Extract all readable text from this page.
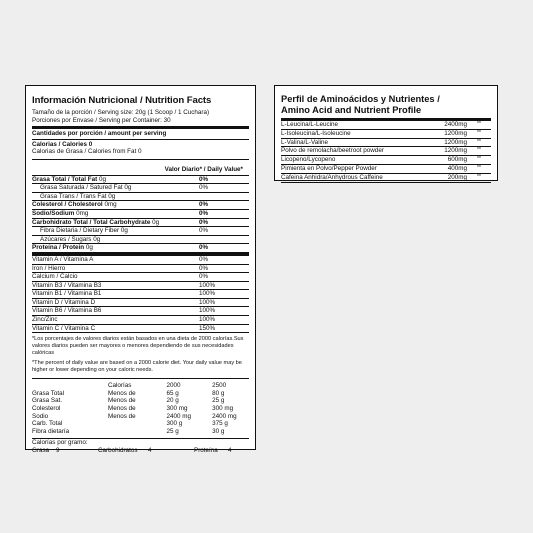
Información Nutricional / Nutrition Facts
Tamaño de la porción / Serving size: 20g (1 Scoop / 1 Cuchara)
Porciones por Envase / Serving per Container: 30
Cantidades por porción / amount per serving
Calorias / Calories 0
Calorias de Grasa / Calories from Fat 0
Valor Diario* / Daily Value*
Grasa Total / Total Fat 0g	0%
Grasa Saturada / Satured Fat 0g	0%
Grasa Trans / Trans Fat 0g
Colesterol / Cholesterol 0mg	0%
Sodio/Sodium 0mg	0%
Carbohidrato Total / Total Carbohydrate 0g	0%
Fibra Dietaria / Dietary Fiber 0g	0%
Azúcares / Sugars 0g
Proteína / Protein 0g	0%
Vitamin A / Vitamina A	0%
Iron / Hierro	0%
Calcium / Calcio	0%
Vitamin B3 / Vitamina B3	100%
Vitamin B1 / Vitamina B1	100%
Vitamin D / Vitamina D	100%
Vitamin B6 / Vitamina B6	100%
Zinc/Zinc	100%
Vitamin C / Vitamina C	150%
*Los porcentajes de valores diarios están basados en una dieta de 2000 calorías.Sus valores diarios pueden ser mayores o menores dependiendo de sus necesidades calóricas
*The percent of daily value are based on a 2000 calorie diet. Your daily value may be higher or lower depending on your caloric needs.
	Calorías	2000	2500
Grasa Total	Menos de	65 g	80 g
Grasa Sat.	Menos de	20 g	25 g
Colesterol	Menos de	300 mg	300 mg
Sodio	Menos de	2400 mg	2400 mg
Carb. Total		300 g	375 g
Fibra dietaría		25 g	30 g
Calorías por gramo:
Grasa	9	Carbohidratos	4	Proteína	4
Perfil de Aminoácidos y Nutrientes /
Amino Acid and Nutrient Profile
L-Leucina/L-Leucine	2400mg	**
L-Isoleucina/L-Isoleucine	1200mg	**
L-Valina/L-Valine	1200mg	**
Polvo de remolacha/beetroot powder	1200mg	**
Licopeno/Lycopeno	600mg	**
Pimienta en Polvo/Pepper Powder	400mg	**
Cafeina Anhidra/Anhydrous Caffeine	200mg	**
